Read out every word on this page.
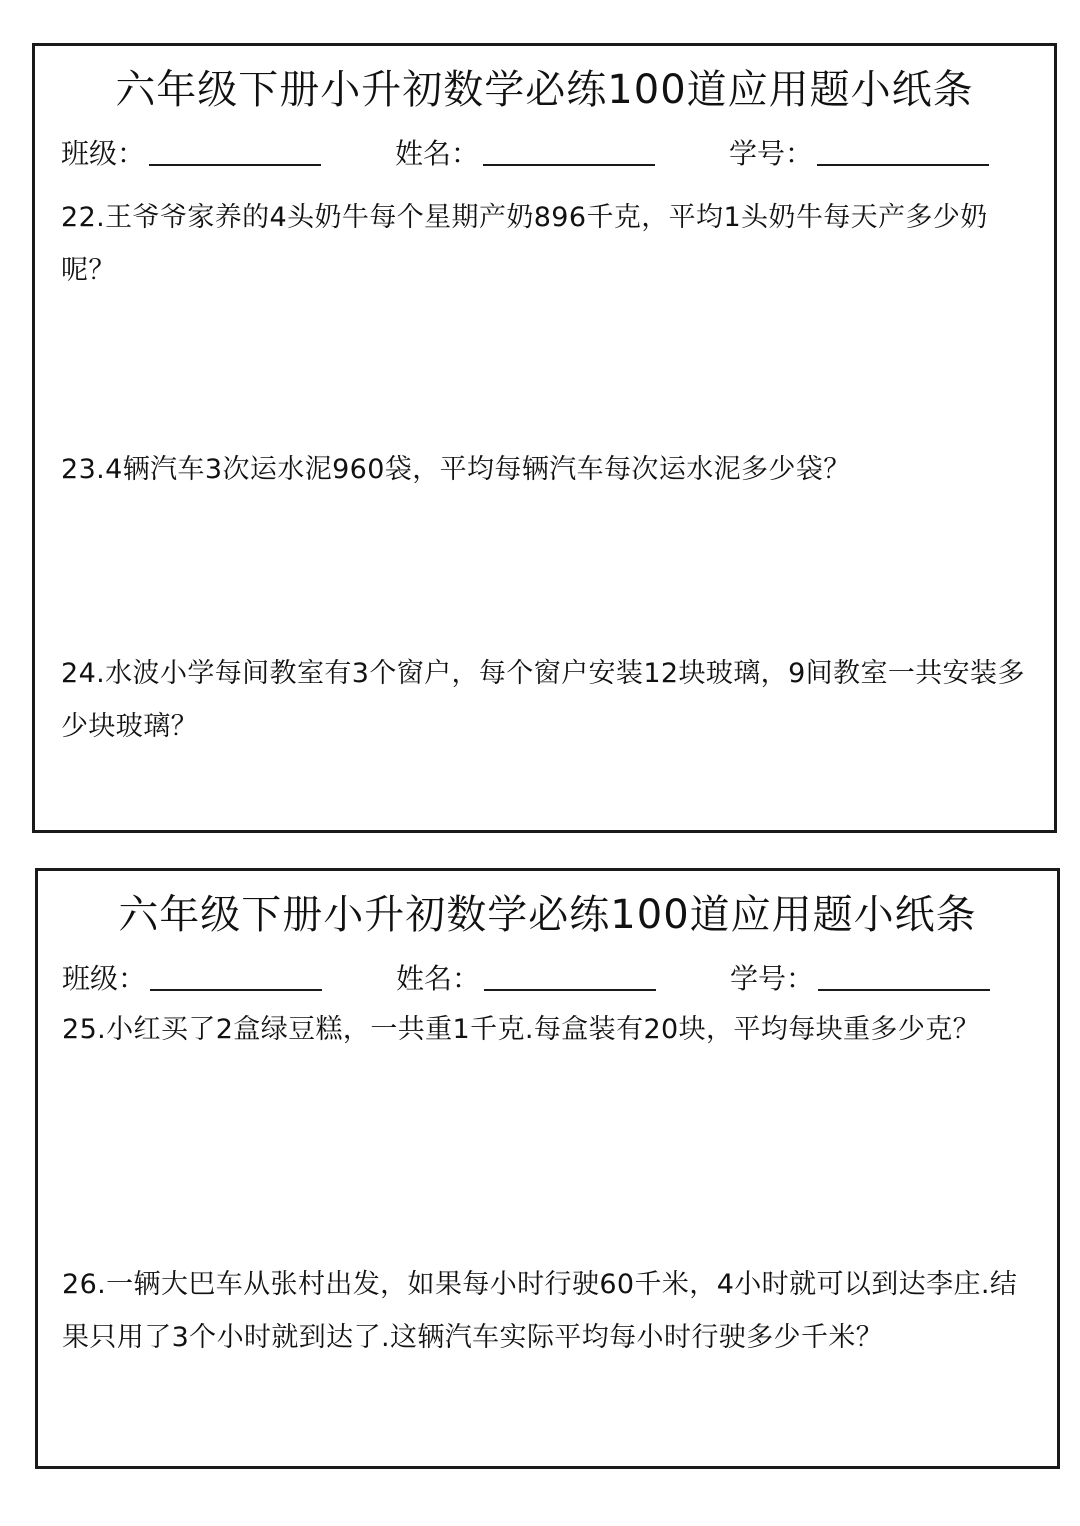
六年级下册小升初数学必练100道应用题小纸条
班级：	姓名：	学号：
22.王爷爷家养的4头奶牛每个星期产奶896千克，平均1头奶牛每天产多少奶呢？
23.4辆汽车3次运水泥960袋，平均每辆汽车每次运水泥多少袋？
24.水波小学每间教室有3个窗户，每个窗户安装12块玻璃，9间教室一共安装多少块玻璃？
六年级下册小升初数学必练100道应用题小纸条
班级：	姓名：	学号：
25.小红买了2盒绿豆糕，一共重1千克.每盒装有20块，平均每块重多少克？
26.一辆大巴车从张村出发，如果每小时行驶60千米，4小时就可以到达李庄.结果只用了3个小时就到达了.这辆汽车实际平均每小时行驶多少千米？
